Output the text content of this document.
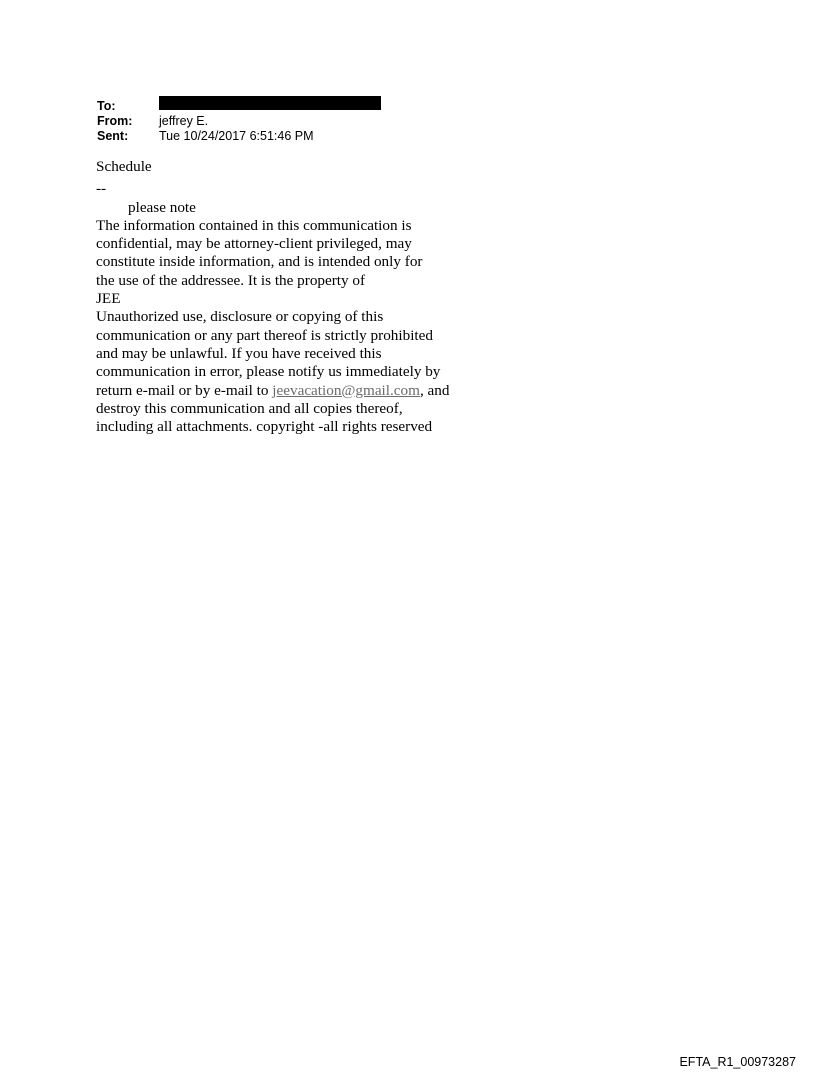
To:
From:	jeffrey E.
Sent:	Tue 10/24/2017 6:51:46 PM

Schedule

--

please note

The information contained in this communication is

confidential, may be attorney-client privileged, may

constitute inside information, and is intended only for

the use of the addressee. It is the property of

JEE

Unauthorized use, disclosure or copying of this

communication or any part thereof is strictly prohibited

and may be unlawful. If you have received this

communication in error, please notify us immediately by

return e-mail or by e-mail to jeevacation@gmail.com, and

destroy this communication and all copies thereof,

including all attachments. copyright -all rights reserved

EFTA_R1_00973287
